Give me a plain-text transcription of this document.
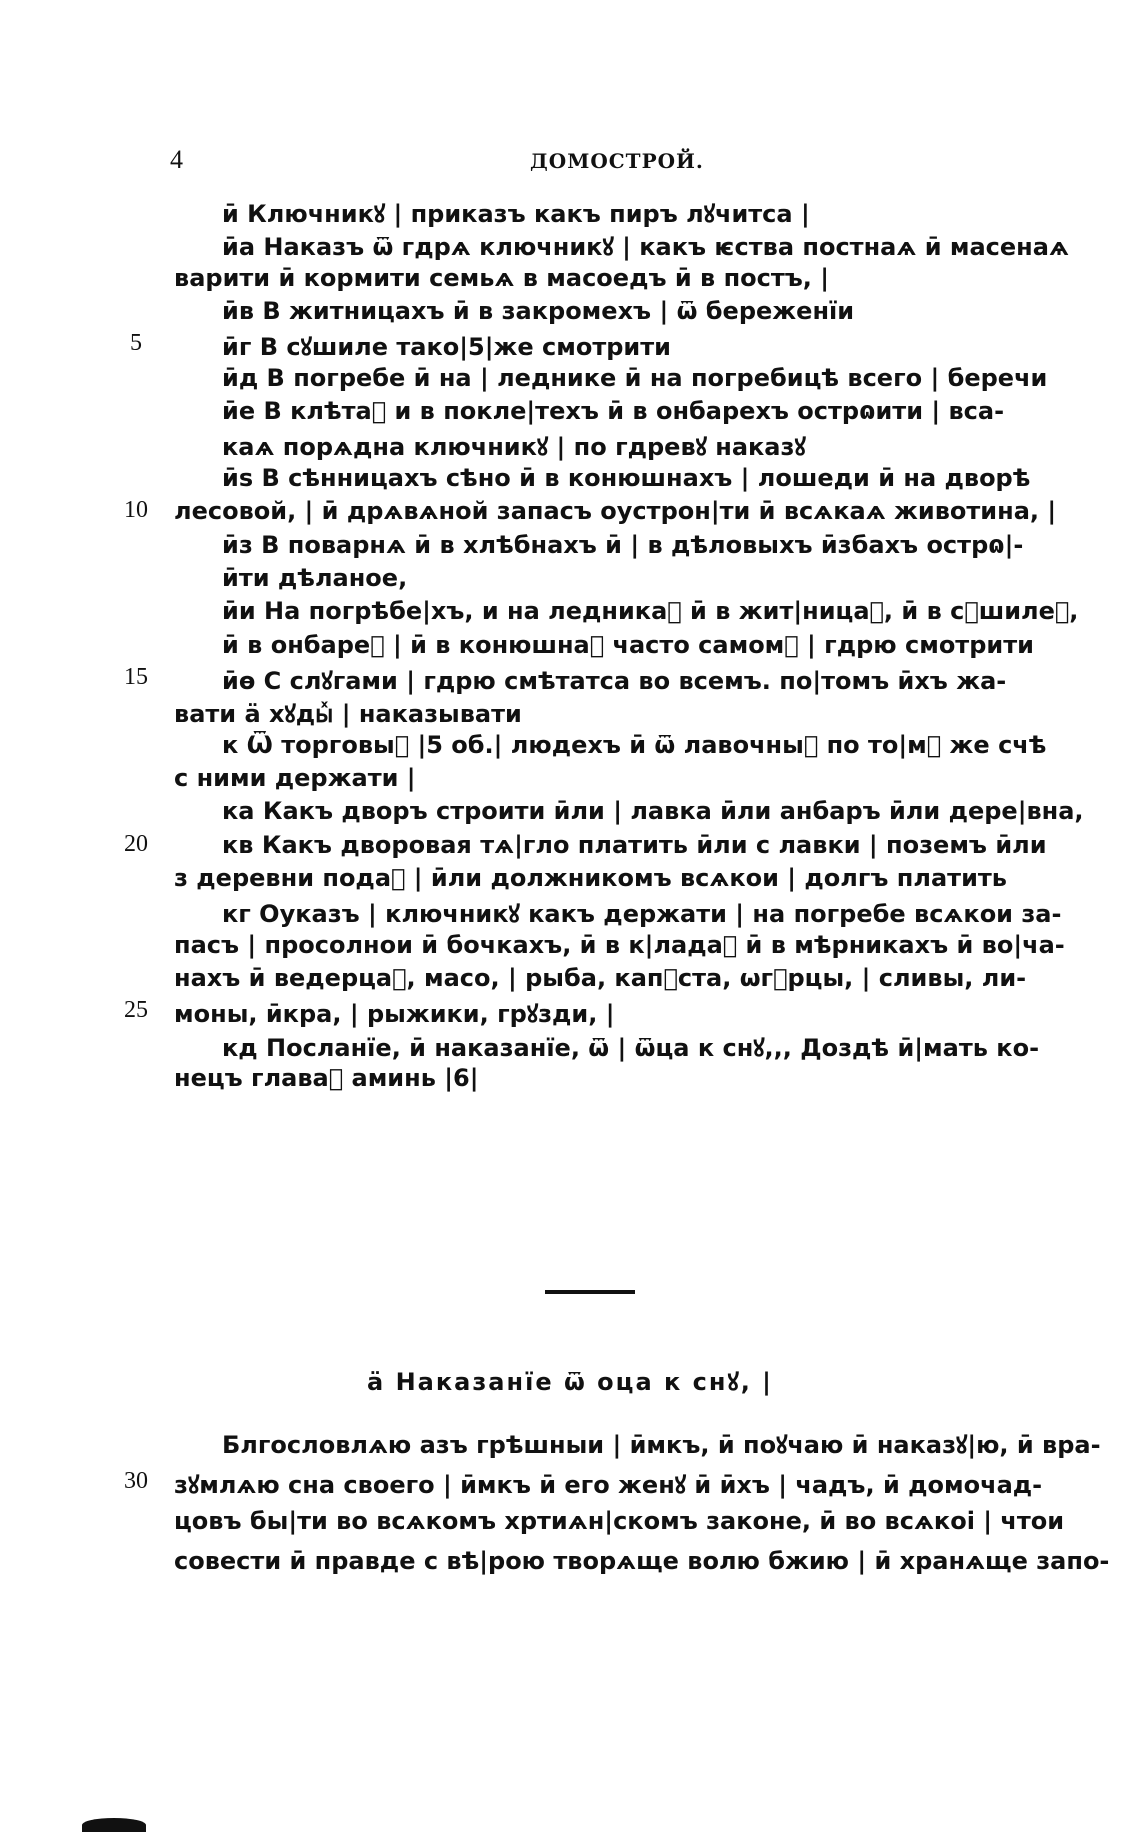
4	ДОМОСТРОЙ.
ӣ Ключникꙋ | приказъ какъ пиръ лꙋчитса |
ӣа Наказъ ѿ гдрѧ ключникꙋ | какъ ѥства постнаѧ ӣ масенаѧ
варити ӣ кормити семьѧ в масоедъ ӣ в постъ, |
ӣв В житницахъ ӣ в закромехъ | ѿ береженїи
5	ӣг В сꙋшиле тако|5|же смотрити
ӣд В погребе ӣ на | леднике ӣ на погребицѣ всего | беречи
ӣе В клѣтаⷯ и в покле|техъ ӣ в онбарехъ острɷити | вса-
каѧ порѧдна ключникꙋ | по гдревꙋ наказꙋ
ӣѕ В сѣнницахъ сѣно ӣ в конюшнахъ | лошеди ӣ на дворѣ
10	лесовой, | ӣ дрѧвѧной запасъ оустрон|ти ӣ всѧкаѧ животина, |
ӣз В поварнѧ ӣ в хлѣбнахъ ӣ | в дѣловыхъ ӣзбахъ острɷ|-
ӣти дѣланое,
ӣи На погрѣбе|хъ, и на ледникаⷯ ӣ в жит|ницаⷯ, ӣ в сꙋшилеⷯ,
ӣ в онбареⷯ | ӣ в конюшнаⷯ часто самомꙋ | гдрю смотрити
15	ӣѳ С слꙋгами | гдрю смѣтатса во всемъ. по|томъ ӣхъ жа-
вати ӓ хꙋдыⷯ | наказывати
к Ѿ торговыⷯ |5 об.| людехъ ӣ ѿ лавочныⷯ по то|мꙋ же счѣ
с ними держати |
ка Какъ дворъ строити ӣли | лавка ӣли анбаръ ӣли дере|вна,
20	кв Какъ дворовая тѧ|гло платить ӣли с лавки | поземъ ӣли
з деревни подаⷮ | ӣли должникомъ всѧкои | долгъ платить
кг Оуказъ | ключникꙋ какъ держати | на погребе всѧкои за-
пасъ | просолнои ӣ бочкахъ, ӣ в к|ладаⷯ ӣ в мѣрникахъ ӣ во|ча-
нахъ ӣ ведерцаⷯ, масо, | рыба, капꙋста, ѡгꙋрцы, | сливы, ли-
25	моны, ӣкра, | рыжики, грꙋзди, |
кд Посланїе, ӣ наказанїе, ѿ | ѿца к снꙋ,,, Доздѣ ӣ|мать ко-
нецъ главаⷨ аминь |6|
ӓ Наказанїе ѿ оца к снꙋ, |
Блгословлѧю азъ грѣшныи | ӣмкъ, ӣ поꙋчаю ӣ наказꙋ|ю, ӣ вра-
30	зꙋмлѧю сна своего | ӣмкъ ӣ его женꙋ ӣ ӣхъ | чадъ, ӣ домочад-
цовъ бы|ти во всѧкомъ хртиѧн|скомъ законе, ӣ во всѧкоі | чтои
совести ӣ правде с вѣ|рою творѧще волю бжию | ӣ хранѧще запо-
